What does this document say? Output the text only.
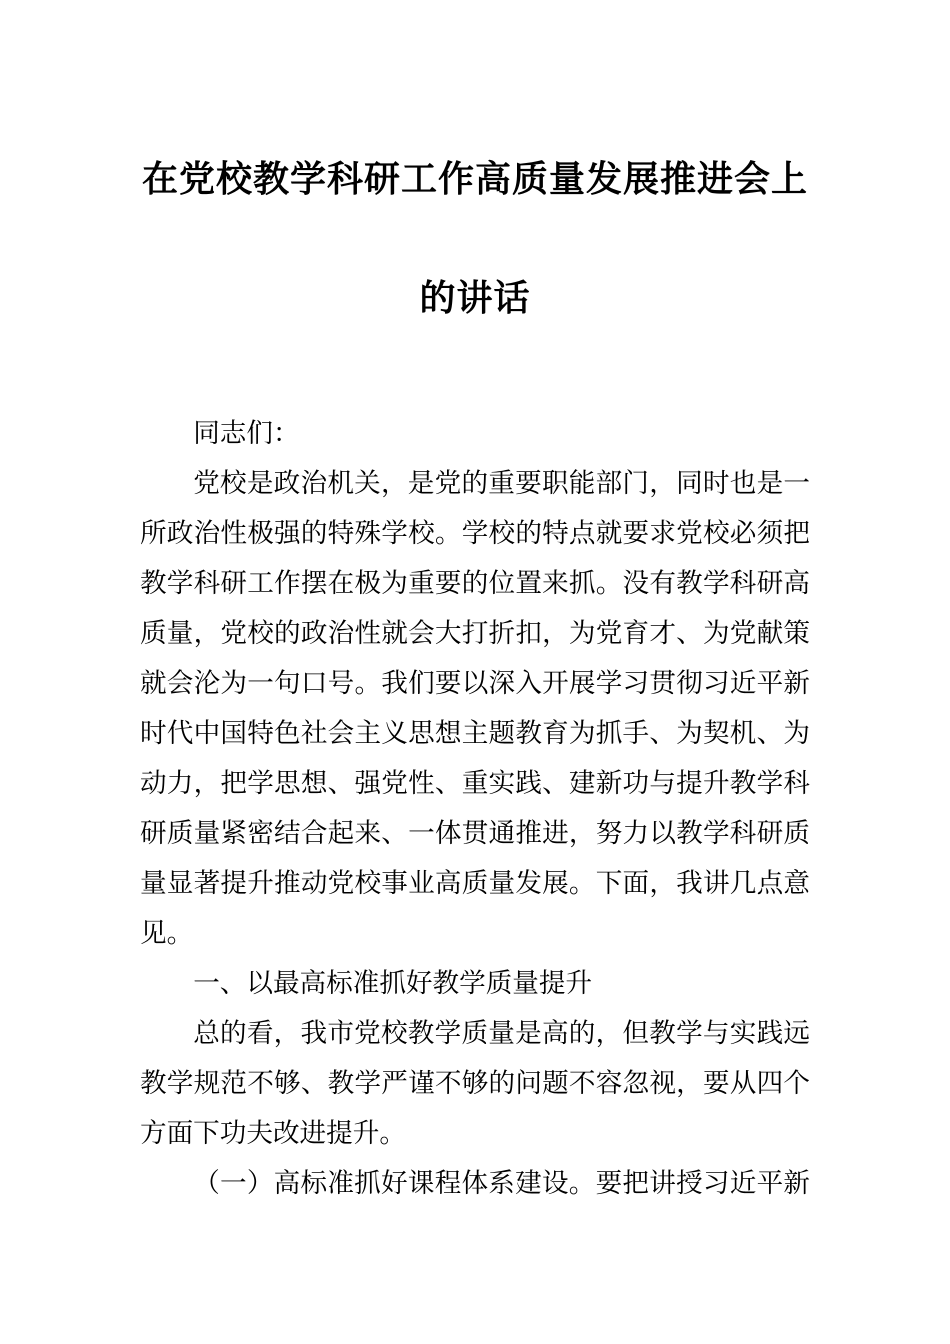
在党校教学科研工作高质量发展推进会上
的讲话
同志们：
党校是政治机关，是党的重要职能部门，同时也是一
所政治性极强的特殊学校。学校的特点就要求党校必须把
教学科研工作摆在极为重要的位置来抓。没有教学科研高
质量，党校的政治性就会大打折扣，为党育才、为党献策
就会沦为一句口号。我们要以深入开展学习贯彻习近平新
时代中国特色社会主义思想主题教育为抓手、为契机、为
动力，把学思想、强党性、重实践、建新功与提升教学科
研质量紧密结合起来、一体贯通推进，努力以教学科研质
量显著提升推动党校事业高质量发展。下面，我讲几点意
见。
一、以最高标准抓好教学质量提升
总的看，我市党校教学质量是高的，但教学与实践远
教学规范不够、教学严谨不够的问题不容忽视，要从四个
方面下功夫改进提升。
（一）高标准抓好课程体系建设。要把讲授习近平新
